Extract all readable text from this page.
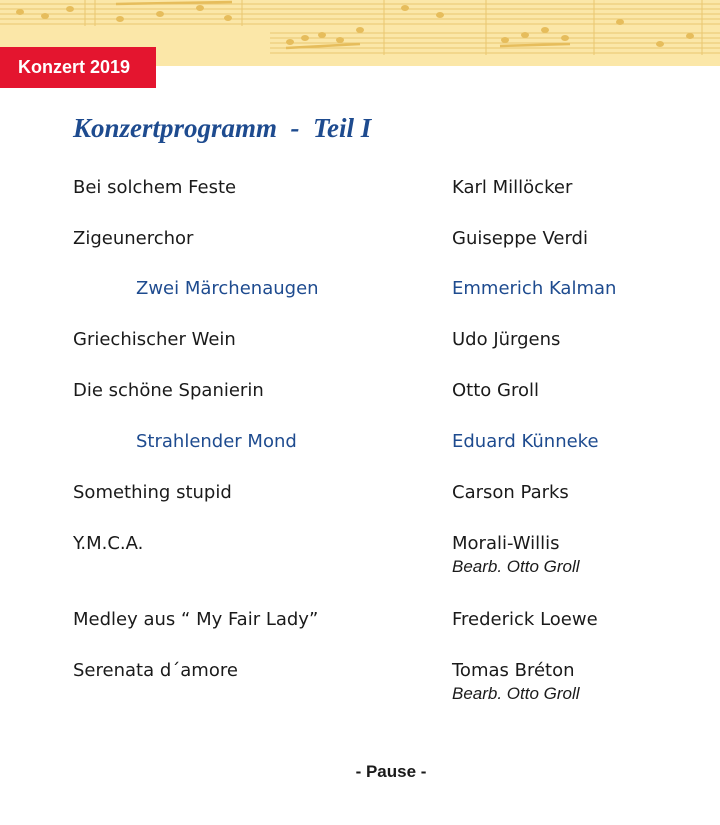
Konzert 2019
Konzertprogramm  -  Teil I
Bei solchem Feste	Karl Millöcker
Zigeunerchor	Guiseppe Verdi
Zwei Märchenaugen	Emmerich Kalman
Griechischer Wein	Udo Jürgens
Die schöne Spanierin	Otto Groll
Strahlender Mond	Eduard Künneke
Something stupid	Carson Parks
Y.M.C.A.	Morali-Willis
Bearb. Otto Groll
Medley aus “ My Fair Lady”	Frederick Loewe
Serenata d´amore	Tomas Bréton
Bearb. Otto Groll
- Pause -
